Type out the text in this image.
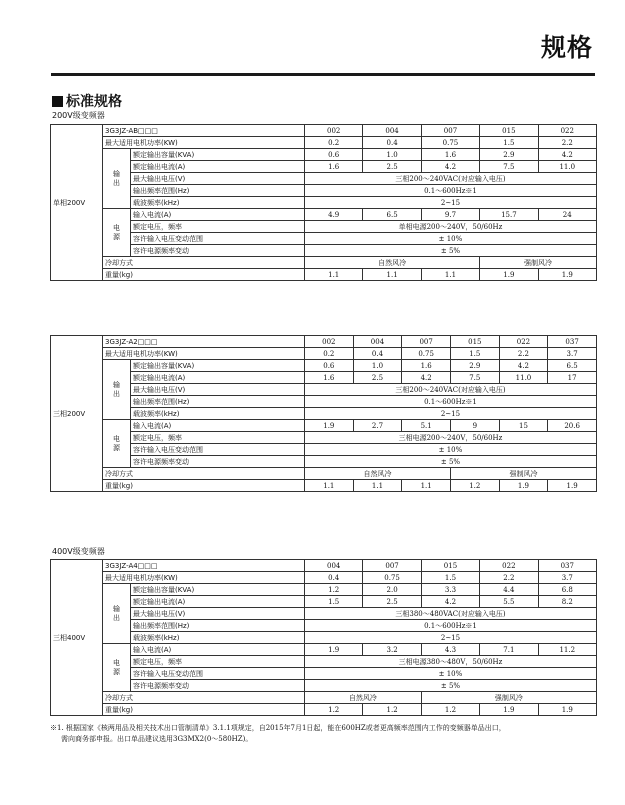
规格
标准规格
200V级变频器
单相200V	3G3JZ-AB□□□		002	004	007	015	022
	最大适用电机功率(KW)		0.2	0.4	0.75	1.5	2.2
	输出	额定输出容量(KVA)	0.6	1.0	1.6	2.9	4.2
		额定输出电流(A)	1.6	2.5	4.2	7.5	11.0
		最大输出电压(V)	三相200～240VAC(对应输入电压)				
		输出频率范围(Hz)	0.1～600Hz※1				
		载波频率(kHz)	2~15				
	电源	输入电流(A)	4.9	6.5	9.7	15.7	24
		额定电压，频率	单相电源200～240V，50/60Hz				
		容许输入电压变动范围	± 10%				
		容许电源频率变动	± 5%				
	冷却方式		自然风冷			强制风冷	
	重量(kg)		1.1	1.1	1.1	1.9	1.9
三相200V	3G3JZ-A2□□□		002	004	007	015	022	037
	最大适用电机功率(KW)		0.2	0.4	0.75	1.5	2.2	3.7
	输出	额定输出容量(KVA)	0.6	1.0	1.6	2.9	4.2	6.5
		额定输出电流(A)	1.6	2.5	4.2	7.5	11.0	17
		最大输出电压(V)	三相200～240VAC(对应输入电压)					
		输出频率范围(Hz)	0.1～600Hz※1					
		载波频率(kHz)	2~15					
	电源	输入电流(A)	1.9	2.7	5.1	9	15	20.6
		额定电压，频率	三相电源200～240V，50/60Hz					
		容许输入电压变动范围	± 10%					
		容许电源频率变动	± 5%					
	冷却方式		自然风冷			强制风冷		
	重量(kg)		1.1	1.1	1.1	1.2	1.9	1.9
400V级变频器
三相400V	3G3JZ-A4□□□		004	007	015	022	037
	最大适用电机功率(KW)		0.4	0.75	1.5	2.2	3.7
	输出	额定输出容量(KVA)	1.2	2.0	3.3	4.4	6.8
		额定输出电流(A)	1.5	2.5	4.2	5.5	8.2
		最大输出电压(V)	三相380～480VAC(对应输入电压)				
		输出频率范围(Hz)	0.1～600Hz※1				
		载波频率(kHz)	2~15				
	电源	输入电流(A)	1.9	3.2	4.3	7.1	11.2
		额定电压，频率	三相电源380～480V，50/60Hz				
		容许输入电压变动范围	± 10%				
		容许电源频率变动	± 5%				
	冷却方式		自然风冷		强制风冷		
	重量(kg)		1.2	1.2	1.2	1.9	1.9
※1. 根据国家《核两用品及相关技术出口管制清单》3.1.1项规定，自2015年7月1日起，能在600HZ或者更高频率范围内工作的变频器单品出口，
需向商务部申报。出口单品建议选用3G3MX2(0～580HZ)。
